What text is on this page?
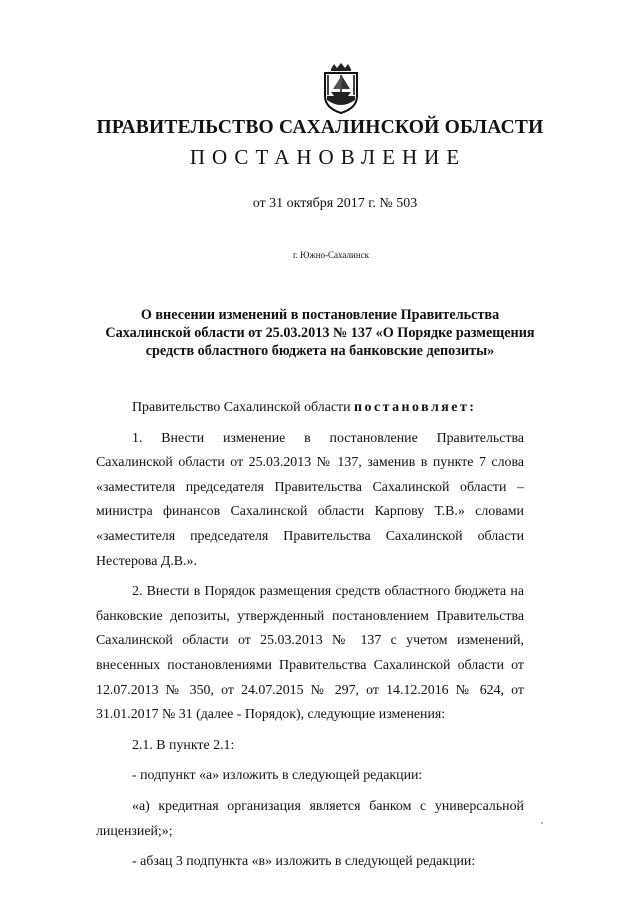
ПРАВИТЕЛЬСТВО САХАЛИНСКОЙ ОБЛАСТИ
ПОСТАНОВЛЕНИЕ
от 31 октября 2017 г. № 503
г. Южно-Сахалинск
О внесении изменений в постановление Правительства Сахалинской области от 25.03.2013 № 137 «О Порядке размещения средств областного бюджета на банковские депозиты»

Правительство Сахалинской области постановляет:

1. Внести изменение в постановление Правительства Сахалинской области от 25.03.2013 № 137, заменив в пункте 7 слова «заместителя председателя Правительства Сахалинской области – министра финансов Сахалинской области Карпову Т.В.» словами «заместителя председателя Правительства Сахалинской области Нестерова Д.В.».

2. Внести в Порядок размещения средств областного бюджета на банковские депозиты, утвержденный постановлением Правительства Сахалинской области от 25.03.2013 № 137 с учетом изменений, внесенных постановлениями Правительства Сахалинской области от 12.07.2013 № 350, от 24.07.2015 № 297, от 14.12.2016 № 624, от 31.01.2017 № 31 (далее - Порядок), следующие изменения:

2.1. В пункте 2.1:

- подпункт «а» изложить в следующей редакции:

«а) кредитная организация является банком с универсальной лицензией;»;

- абзац 3 подпункта «в» изложить в следующей редакции:
